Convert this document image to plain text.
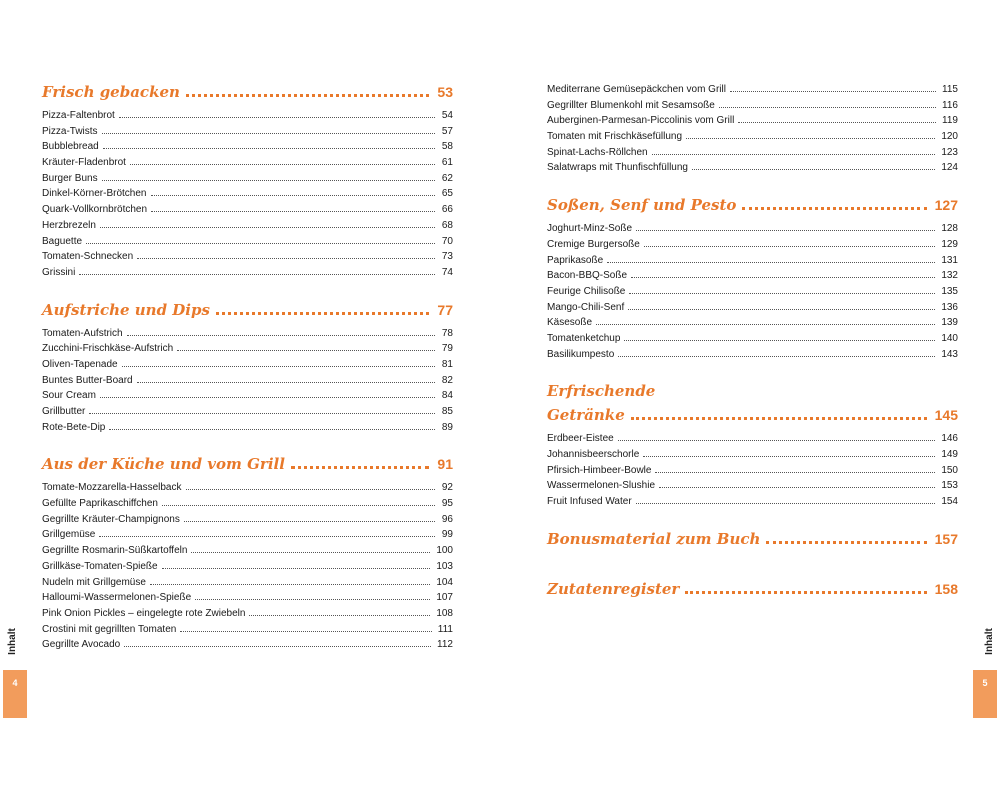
Frisch gebacken	53
Pizza-Faltenbrot	54
Pizza-Twists	57
Bubblebread	58
Kräuter-Fladenbrot	61
Burger Buns	62
Dinkel-Körner-Brötchen	65
Quark-Vollkornbrötchen	66
Herzbrezeln	68
Baguette	70
Tomaten-Schnecken	73
Grissini	74
Aufstriche und Dips	77
Tomaten-Aufstrich	78
Zucchini-Frischkäse-Aufstrich	79
Oliven-Tapenade	81
Buntes Butter-Board	82
Sour Cream	84
Grillbutter	85
Rote-Bete-Dip	89
Aus der Küche und vom Grill	91
Tomate-Mozzarella-Hasselback	92
Gefüllte Paprikaschiffchen	95
Gegrillte Kräuter-Champignons	96
Grillgemüse	99
Gegrillte Rosmarin-Süßkartoffeln	100
Grillkäse-Tomaten-Spieße	103
Nudeln mit Grillgemüse	104
Halloumi-Wassermelonen-Spieße	107
Pink Onion Pickles – eingelegte rote Zwiebeln	108
Crostini mit gegrillten Tomaten	111
Gegrillte Avocado	112
Inhalt
4
Mediterrane Gemüsepäckchen vom Grill	115
Gegrillter Blumenkohl mit Sesamsoße	116
Auberginen-Parmesan-Piccolinis vom Grill	119
Tomaten mit Frischkäsefüllung	120
Spinat-Lachs-Röllchen	123
Salatwraps mit Thunfischfüllung	124
Soßen, Senf und Pesto	127
Joghurt-Minz-Soße	128
Cremige Burgersoße	129
Paprikasoße	131
Bacon-BBQ-Soße	132
Feurige Chilisoße	135
Mango-Chili-Senf	136
Käsesoße	139
Tomatenketchup	140
Basilikumpesto	143
Erfrischende
Getränke	145
Erdbeer-Eistee	146
Johannisbeerschorle	149
Pfirsich-Himbeer-Bowle	150
Wassermelonen-Slushie	153
Fruit Infused Water	154
Bonusmaterial zum Buch	157
Zutatenregister	158
Inhalt
5
